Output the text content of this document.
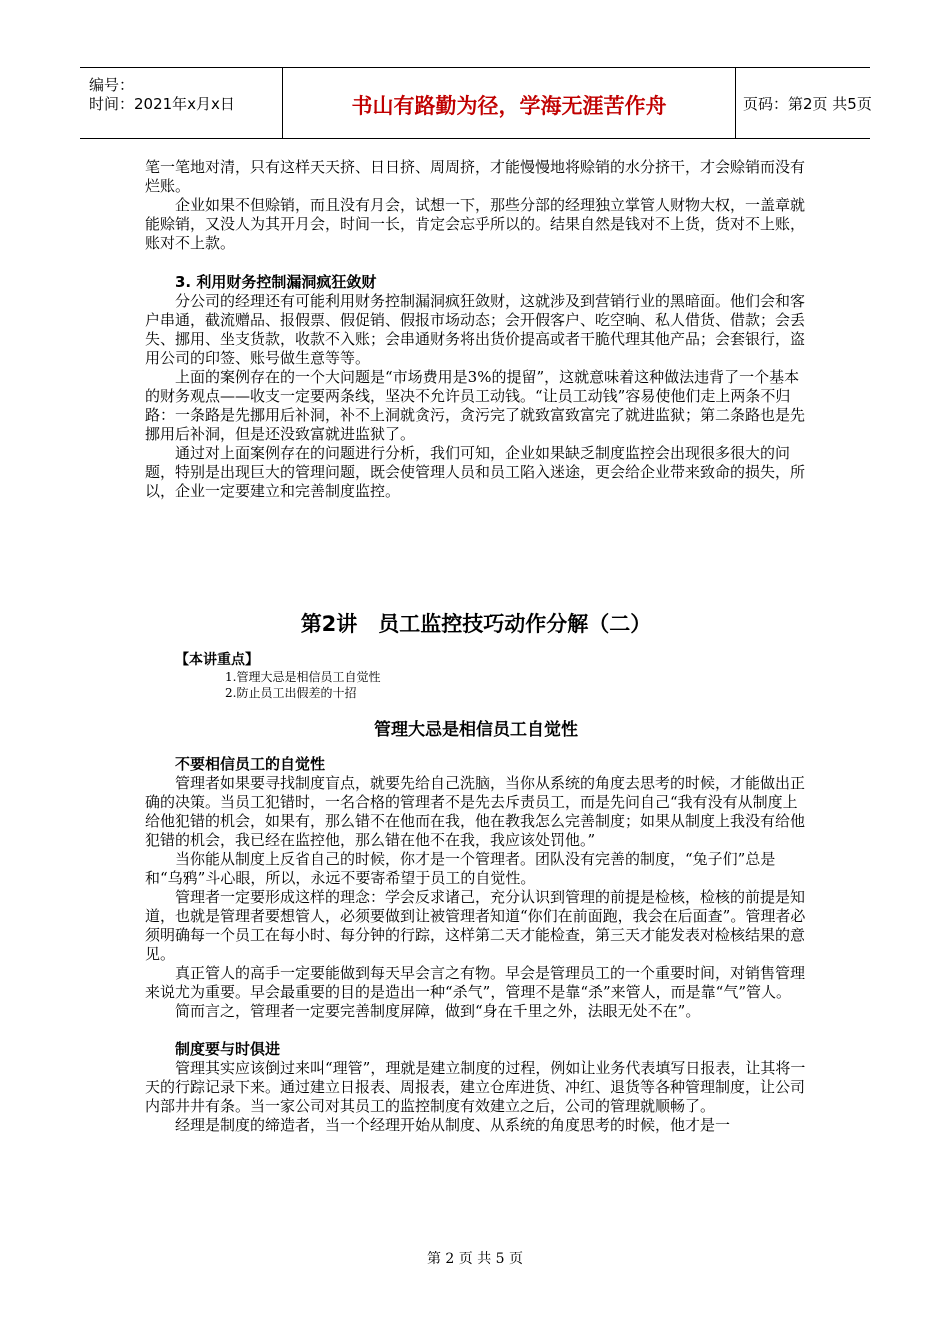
编号：
时间：2021年x月x日	书山有路勤为径，学海无涯苦作舟	页码：第2页 共5页

笔一笔地对清，只有这样天天挤、日日挤、周周挤，才能慢慢地将赊销的水分挤干，才会赊销而没有烂账。

企业如果不但赊销，而且没有月会，试想一下，那些分部的经理独立掌管人财物大权，一盖章就能赊销，又没人为其开月会，时间一长，肯定会忘乎所以的。结果自然是钱对不上货，货对不上账，账对不上款。

3. 利用财务控制漏洞疯狂敛财

分公司的经理还有可能利用财务控制漏洞疯狂敛财，这就涉及到营销行业的黑暗面。他们会和客户串通，截流赠品、报假票、假促销、假报市场动态；会开假客户、吃空晌、私人借货、借款；会丢失、挪用、坐支货款，收款不入账；会串通财务将出货价提高或者干脆代理其他产品；会套银行，盗用公司的印签、账号做生意等等。

上面的案例存在的一个大问题是“市场费用是3%的提留”，这就意味着这种做法违背了一个基本的财务观点——收支一定要两条线，坚决不允许员工动钱。“让员工动钱”容易使他们走上两条不归路：一条路是先挪用后补洞，补不上洞就贪污，贪污完了就致富致富完了就进监狱；第二条路也是先挪用后补洞，但是还没致富就进监狱了。

通过对上面案例存在的问题进行分析，我们可知，企业如果缺乏制度监控会出现很多很大的问题，特别是出现巨大的管理问题，既会使管理人员和员工陷入迷途，更会给企业带来致命的损失，所以，企业一定要建立和完善制度监控。

第2讲　员工监控技巧动作分解（二）
【本讲重点】
1.管理大忌是相信员工自觉性
2.防止员工出假差的十招
管理大忌是相信员工自觉性
不要相信员工的自觉性

管理者如果要寻找制度盲点，就要先给自己洗脑，当你从系统的角度去思考的时候，才能做出正确的决策。当员工犯错时，一名合格的管理者不是先去斥责员工，而是先问自己“我有没有从制度上给他犯错的机会，如果有，那么错不在他而在我，他在教我怎么完善制度；如果从制度上我没有给他犯错的机会，我已经在监控他，那么错在他不在我，我应该处罚他。”

当你能从制度上反省自己的时候，你才是一个管理者。团队没有完善的制度，“兔子们”总是和“乌鸦”斗心眼，所以，永远不要寄希望于员工的自觉性。

管理者一定要形成这样的理念：学会反求诸己，充分认识到管理的前提是检核，检核的前提是知道，也就是管理者要想管人，必须要做到让被管理者知道“你们在前面跑，我会在后面查”。管理者必须明确每一个员工在每小时、每分钟的行踪，这样第二天才能检查，第三天才能发表对检核结果的意见。

真正管人的高手一定要能做到每天早会言之有物。早会是管理员工的一个重要时间，对销售管理来说尤为重要。早会最重要的目的是造出一种“杀气”，管理不是靠“杀”来管人，而是靠“气”管人。

简而言之，管理者一定要完善制度屏障，做到“身在千里之外，法眼无处不在”。

制度要与时俱进

管理其实应该倒过来叫“理管”，理就是建立制度的过程，例如让业务代表填写日报表，让其将一天的行踪记录下来。通过建立日报表、周报表，建立仓库进货、冲红、退货等各种管理制度，让公司内部井井有条。当一家公司对其员工的监控制度有效建立之后，公司的管理就顺畅了。

经理是制度的缔造者，当一个经理开始从制度、从系统的角度思考的时候，他才是一

第 2 页 共 5 页
